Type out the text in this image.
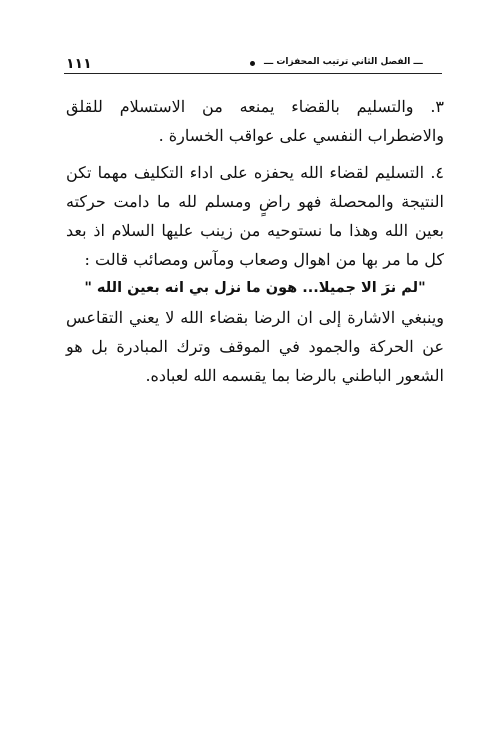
١١١	ـــ الفصل الثاني ترتيب المحفزات ـــ

٣. والتسليم بالقضاء يمنعه من الاستسلام للقلق والاضطراب النفسي على عواقب الخسارة .

٤. التسليم لقضاء الله يحفزه على اداء التكليف مهما تكن النتيجة والمحصلة فهو راضٍ ومسلم لله ما دامت حركته بعين الله وهذا ما نستوحيه من زينب عليها السلام اذ بعد كل ما مر بها من اهوال وصعاب ومآس ومصائب قالت :

"لم نرَ الا جميلا... هون ما نزل بي انه بعين الله "

وينبغي الاشارة إلى ان الرضا بقضاء الله لا يعني التقاعس عن الحركة والجمود في الموقف وترك المبادرة بل هو الشعور الباطني بالرضا بما يقسمه الله لعباده.
